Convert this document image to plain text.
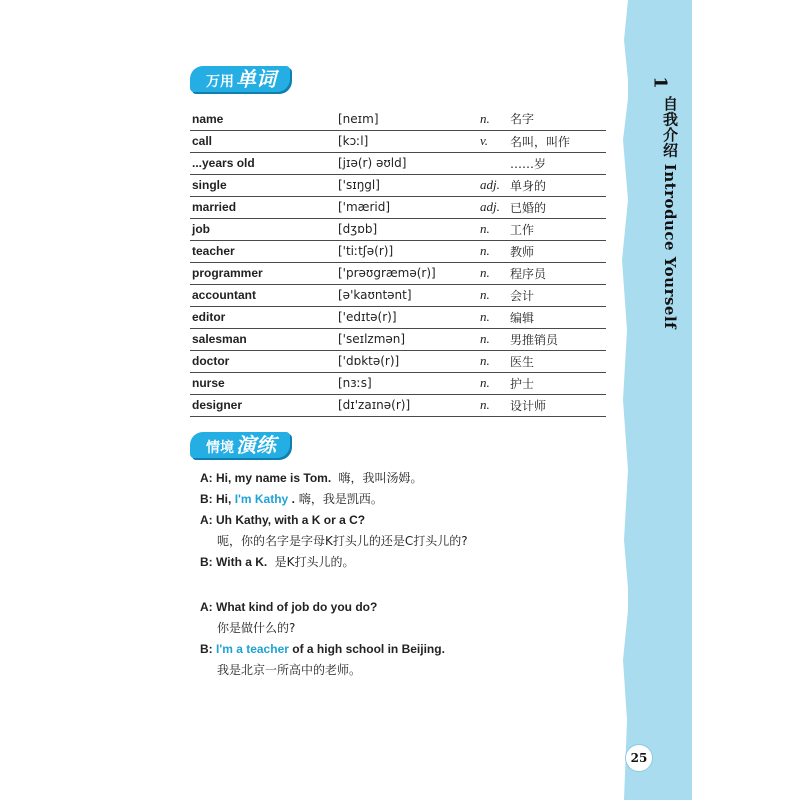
1
自我介绍 Introduce Yourself
25
万用 单词
name	[neɪm]	n.	名字
call	[kɔːl]	v.	名叫，叫作
...years old	[jɪə(r) əʊld]		……岁
single	['sɪŋgl]	adj.	单身的
married	['mærid]	adj.	已婚的
job	[dʒɒb]	n.	工作
teacher	['tiːtʃə(r)]	n.	教师
programmer	['prəʊgræmə(r)]	n.	程序员
accountant	[ə'kaʊntənt]	n.	会计
editor	['edɪtə(r)]	n.	编辑
salesman	['seɪlzmən]	n.	男推销员
doctor	['dɒktə(r)]	n.	医生
nurse	[nɜːs]	n.	护士
designer	[dɪ'zaɪnə(r)]	n.	设计师
情境 演练
A: Hi, my name is Tom. 嗨，我叫汤姆。
B: Hi, I'm Kathy . 嗨，我是凯西。
A: Uh Kathy, with a K or a C?
呃，你的名字是字母K打头儿的还是C打头儿的?
B: With a K. 是K打头儿的。
A: What kind of job do you do?
你是做什么的?
B: I'm a teacher of a high school in Beijing.
我是北京一所高中的老师。
